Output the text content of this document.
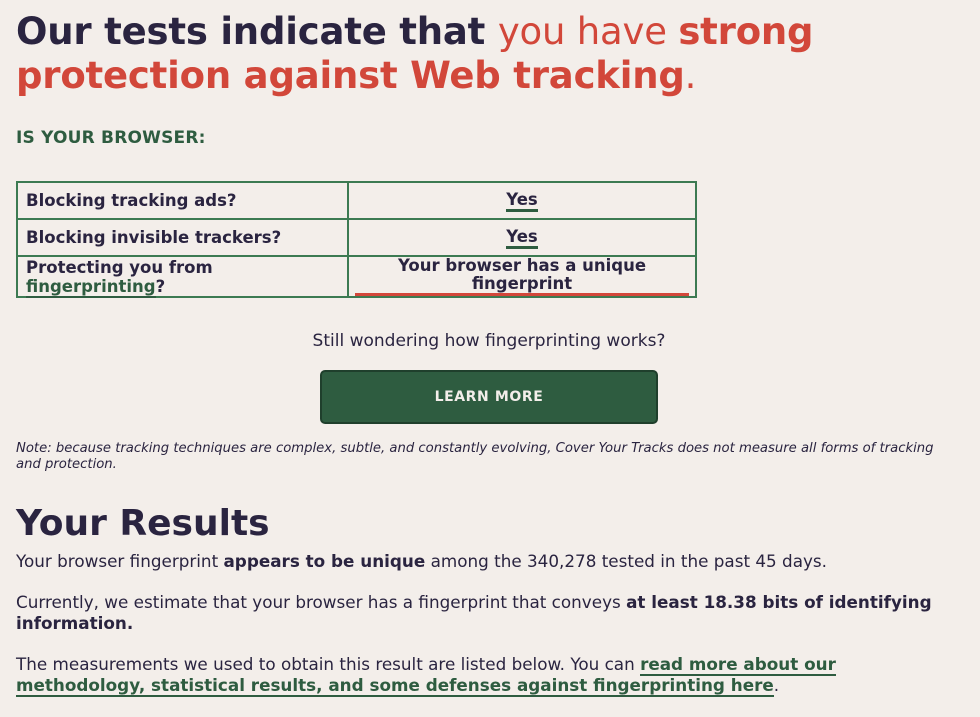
Our tests indicate that you have strong protection against Web tracking.
IS YOUR BROWSER:
Blocking tracking ads?	Yes
Blocking invisible trackers?	Yes
Protecting you from fingerprinting?	Your browser has a unique fingerprint
Still wondering how fingerprinting works?
LEARN MORE
Note: because tracking techniques are complex, subtle, and constantly evolving, Cover Your Tracks does not measure all forms of tracking and protection.
Your Results

Your browser fingerprint appears to be unique among the 340,278 tested in the past 45 days.

Currently, we estimate that your browser has a fingerprint that conveys at least 18.38 bits of identifying information.

The measurements we used to obtain this result are listed below. You can read more about our methodology, statistical results, and some defenses against fingerprinting here.
